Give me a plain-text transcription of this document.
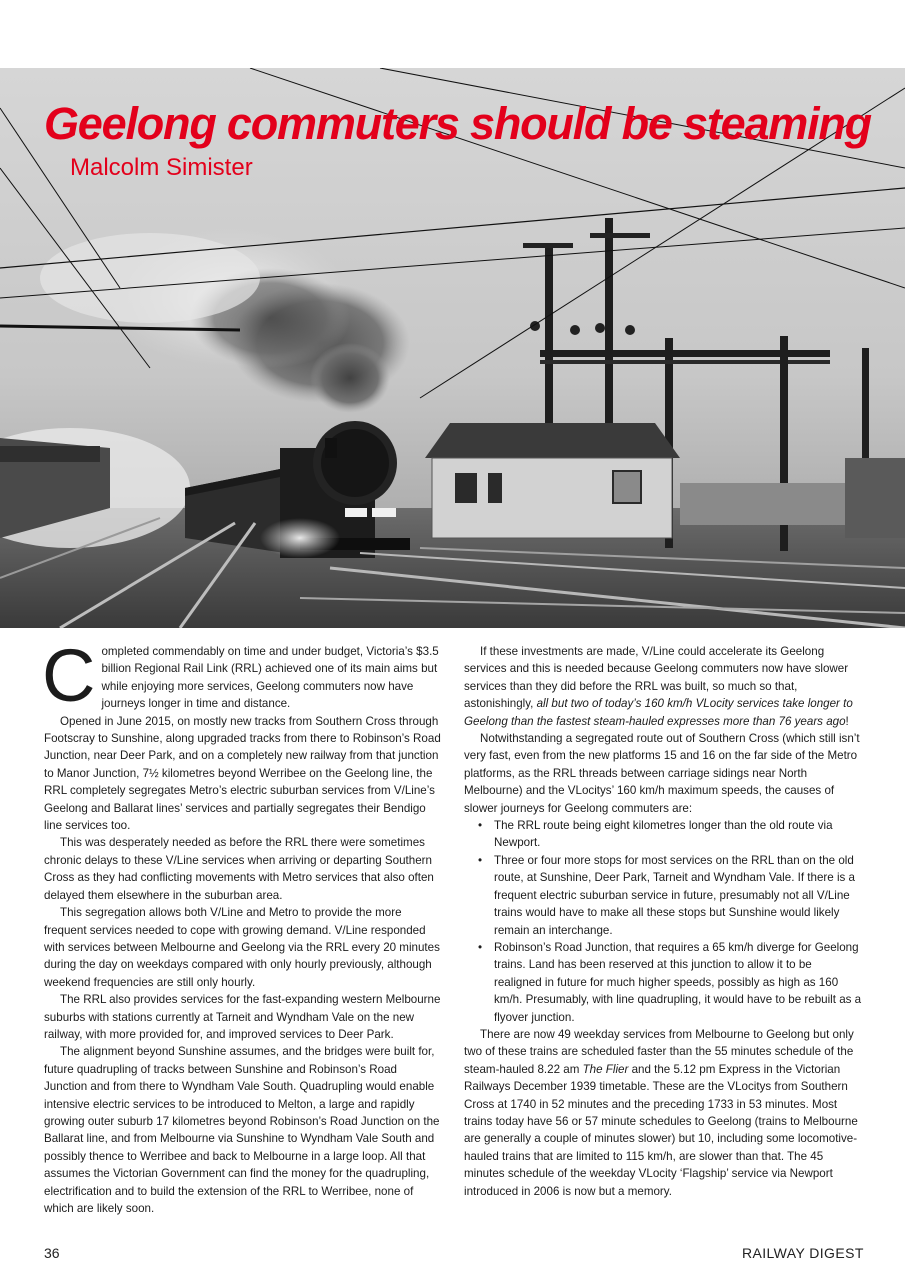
Geelong commuters should be steaming

Malcolm Simister

Completed commendably on time and under budget, Victoria’s $3.5 billion Regional Rail Link (RRL) achieved one of its main aims but while enjoying more services, Geelong commuters now have journeys longer in time and distance.

Opened in June 2015, on mostly new tracks from Southern Cross through Footscray to Sunshine, along upgraded tracks from there to Robinson’s Road Junction, near Deer Park, and on a completely new railway from that junction to Manor Junction, 7½ kilometres beyond Werribee on the Geelong line, the RRL completely segregates Metro’s electric suburban services from V/Line’s Geelong and Ballarat lines’ services and partially segregates their Bendigo line services too.

This was desperately needed as before the RRL there were sometimes chronic delays to these V/Line services when arriving or departing Southern Cross as they had conflicting movements with Metro services that also often delayed them elsewhere in the suburban area.

This segregation allows both V/Line and Metro to provide the more frequent services needed to cope with growing demand. V/Line responded with services between Melbourne and Geelong via the RRL every 20 minutes during the day on weekdays compared with only hourly previously, although weekend frequencies are still only hourly.

The RRL also provides services for the fast-expanding western Melbourne suburbs with stations currently at Tarneit and Wyndham Vale on the new railway, with more provided for, and improved services to Deer Park.

The alignment beyond Sunshine assumes, and the bridges were built for, future quadrupling of tracks between Sunshine and Robinson’s Road Junction and from there to Wyndham Vale South. Quadrupling would enable intensive electric services to be introduced to Melton, a large and rapidly growing outer suburb 17 kilometres beyond Robinson’s Road Junction on the Ballarat line, and from Melbourne via Sunshine to Wyndham Vale South and possibly thence to Werribee and back to Melbourne in a large loop. All that assumes the Victorian Government can find the money for the quadrupling, electrification and to build the extension of the RRL to Werribee, none of which are likely soon.

If these investments are made, V/Line could accelerate its Geelong services and this is needed because Geelong commuters now have slower services than they did before the RRL was built, so much so that, astonishingly, all but two of today’s 160 km/h VLocity services take longer to Geelong than the fastest steam-hauled expresses more than 76 years ago!

Notwithstanding a segregated route out of Southern Cross (which still isn’t very fast, even from the new platforms 15 and 16 on the far side of the Metro platforms, as the RRL threads between carriage sidings near North Melbourne) and the VLocitys’ 160 km/h maximum speeds, the causes of slower journeys for Geelong commuters are:

• The RRL route being eight kilometres longer than the old route via Newport.
• Three or four more stops for most services on the RRL than on the old route, at Sunshine, Deer Park, Tarneit and Wyndham Vale. If there is a frequent electric suburban service in future, presumably not all V/Line trains would have to make all these stops but Sunshine would likely remain an interchange.
• Robinson’s Road Junction, that requires a 65 km/h diverge for Geelong trains. Land has been reserved at this junction to allow it to be realigned in future for much higher speeds, possibly as high as 160 km/h. Presumably, with line quadrupling, it would have to be rebuilt as a flyover junction.

There are now 49 weekday services from Melbourne to Geelong but only two of these trains are scheduled faster than the 55 minutes schedule of the steam-hauled 8.22 am The Flier and the 5.12 pm Express in the Victorian Railways December 1939 timetable. These are the VLocitys from Southern Cross at 1740 in 52 minutes and the preceding 1733 in 53 minutes. Most trains today have 56 or 57 minute schedules to Geelong (trains to Melbourne are generally a couple of minutes slower) but 10, including some locomotive-hauled trains that are limited to 115 km/h, are slower than that. The 45 minutes schedule of the weekday VLocity ‘Flagship’ service via Newport introduced in 2006 is now but a memory.

36	RAILWAY DIGEST
